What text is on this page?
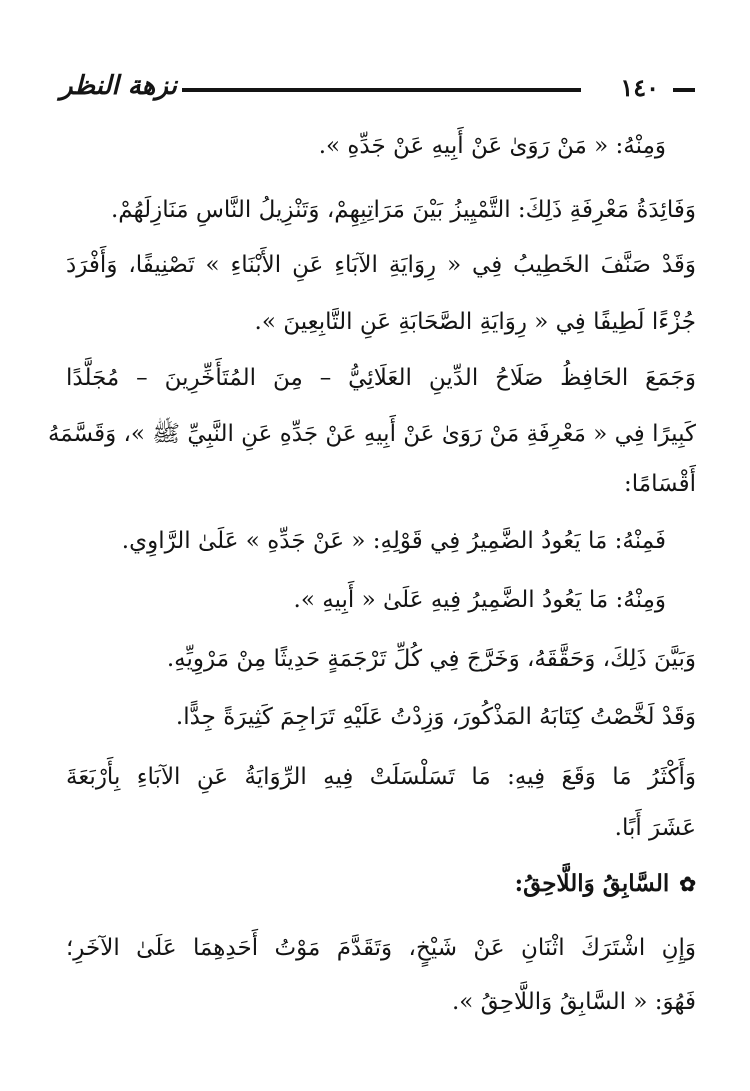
نزهة النظر	١٤٠
وَمِنْهُ: « مَنْ رَوَىٰ عَنْ أَبِيهِ عَنْ جَدِّهِ ».
وَفَائِدَةُ مَعْرِفَةِ ذَلِكَ: التَّمْيِيزُ بَيْنَ مَرَاتِبِهِمْ، وَتَنْزِيلُ النَّاسِ مَنَازِلَهُمْ.
وَقَدْ صَنَّفَ الخَطِيبُ فِي « رِوَايَةِ الآبَاءِ عَنِ الأَبْنَاءِ » تَصْنِيفًا، وَأَفْرَدَ
جُزْءًا لَطِيفًا فِي « رِوَايَةِ الصَّحَابَةِ عَنِ التَّابِعِينَ ».
وَجَمَعَ الحَافِظُ صَلَاحُ الدِّينِ العَلَائِيُّ – مِنَ المُتَأَخِّرِينَ – مُجَلَّدًا
كَبِيرًا فِي « مَعْرِفَةِ مَنْ رَوَىٰ عَنْ أَبِيهِ عَنْ جَدِّهِ عَنِ النَّبِيِّ ﷺ »، وَقَسَّمَهُ
أَقْسَامًا:
فَمِنْهُ: مَا يَعُودُ الضَّمِيرُ فِي قَوْلِهِ: « عَنْ جَدِّهِ » عَلَىٰ الرَّاوِي.
وَمِنْهُ: مَا يَعُودُ الضَّمِيرُ فِيهِ عَلَىٰ « أَبِيهِ ».
وَبَيَّنَ ذَلِكَ، وَحَقَّقَهُ، وَخَرَّجَ فِي كُلِّ تَرْجَمَةٍ حَدِيثًا مِنْ مَرْوِيِّهِ.
وَقَدْ لَخَّصْتُ كِتَابَهُ المَذْكُورَ، وَزِدْتُ عَلَيْهِ تَرَاجِمَ كَثِيرَةً جِدًّا.
وَأَكْثَرُ مَا وَقَعَ فِيهِ: مَا تَسَلْسَلَتْ فِيهِ الرِّوَايَةُ عَنِ الآبَاءِ بِأَرْبَعَةَ
عَشَرَ أَبًا.
✿السَّابِقُ وَاللَّاحِقُ:
وَإِنِ اشْتَرَكَ اثْنَانِ عَنْ شَيْخٍ، وَتَقَدَّمَ مَوْتُ أَحَدِهِمَا عَلَىٰ الآخَرِ؛
فَهُوَ: « السَّابِقُ وَاللَّاحِقُ ».
